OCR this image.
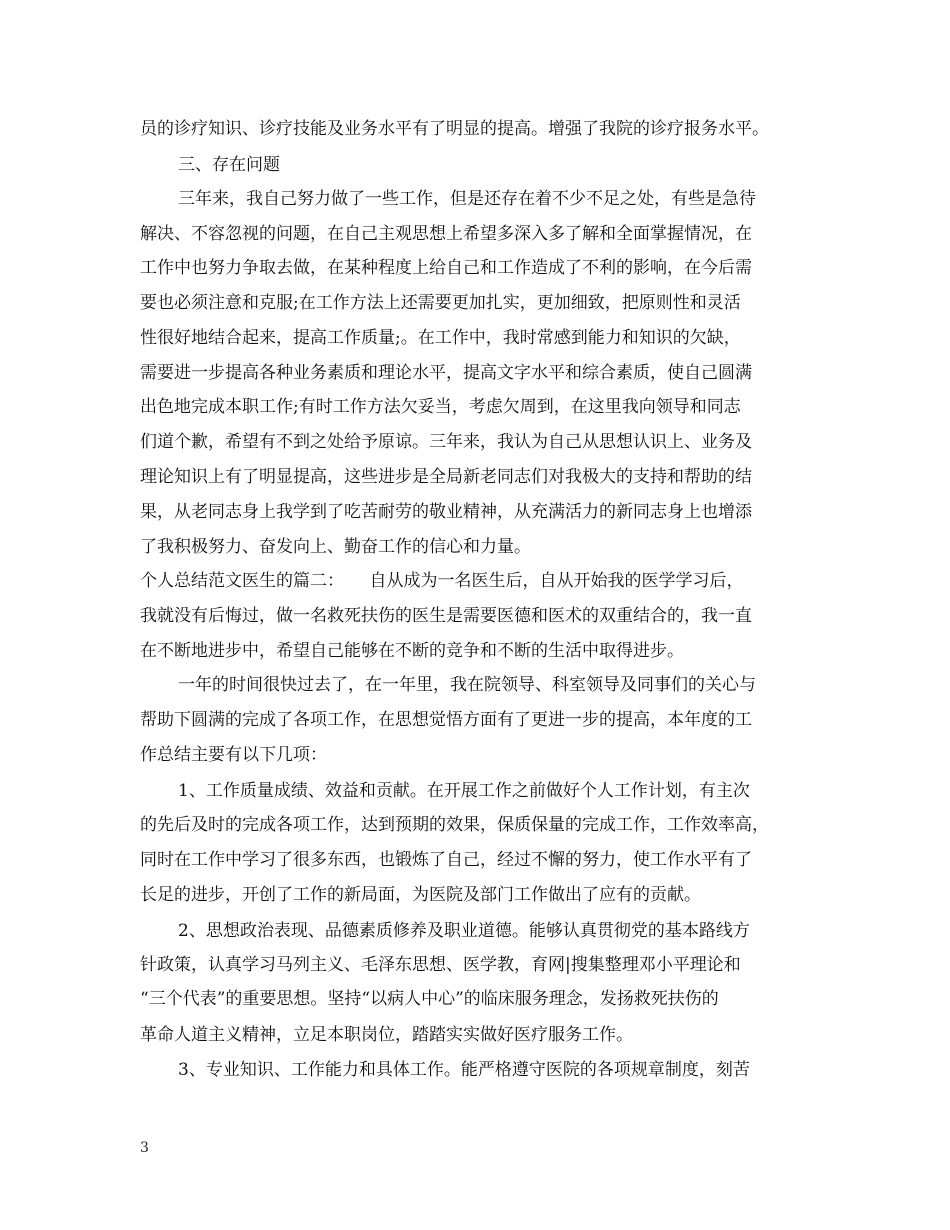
员的诊疗知识、诊疗技能及业务水平有了明显的提高。增强了我院的诊疗报务水平。
三、存在问题
三年来，我自己努力做了一些工作，但是还存在着不少不足之处，有些是急待
解决、不容忽视的问题，在自己主观思想上希望多深入多了解和全面掌握情况，在
工作中也努力争取去做，在某种程度上给自己和工作造成了不利的影响，在今后需
要也必须注意和克服;在工作方法上还需要更加扎实，更加细致，把原则性和灵活
性很好地结合起来，提高工作质量;。在工作中，我时常感到能力和知识的欠缺，
需要进一步提高各种业务素质和理论水平，提高文字水平和综合素质，使自己圆满
出色地完成本职工作;有时工作方法欠妥当，考虑欠周到，在这里我向领导和同志
们道个歉，希望有不到之处给予原谅。三年来，我认为自己从思想认识上、业务及
理论知识上有了明显提高，这些进步是全局新老同志们对我极大的支持和帮助的结
果，从老同志身上我学到了吃苦耐劳的敬业精神，从充满活力的新同志身上也增添
了我积极努力、奋发向上、勤奋工作的信心和力量。
个人总结范文医生的篇二：　　自从成为一名医生后，自从开始我的医学学习后，
我就没有后悔过，做一名救死扶伤的医生是需要医德和医术的双重结合的，我一直
在不断地进步中，希望自己能够在不断的竞争和不断的生活中取得进步。
一年的时间很快过去了，在一年里，我在院领导、科室领导及同事们的关心与
帮助下圆满的完成了各项工作，在思想觉悟方面有了更进一步的提高，本年度的工
作总结主要有以下几项：
1、工作质量成绩、效益和贡献。在开展工作之前做好个人工作计划，有主次
的先后及时的完成各项工作，达到预期的效果，保质保量的完成工作，工作效率高，
同时在工作中学习了很多东西，也锻炼了自己，经过不懈的努力，使工作水平有了
长足的进步，开创了工作的新局面，为医院及部门工作做出了应有的贡献。
2、思想政治表现、品德素质修养及职业道德。能够认真贯彻党的基本路线方
针政策，认真学习马列主义、毛泽东思想、医学教，育网|搜集整理邓小平理论和
“三个代表”的重要思想。坚持“以病人中心”的临床服务理念，发扬救死扶伤的
革命人道主义精神，立足本职岗位，踏踏实实做好医疗服务工作。
3、专业知识、工作能力和具体工作。能严格遵守医院的各项规章制度，刻苦
3
